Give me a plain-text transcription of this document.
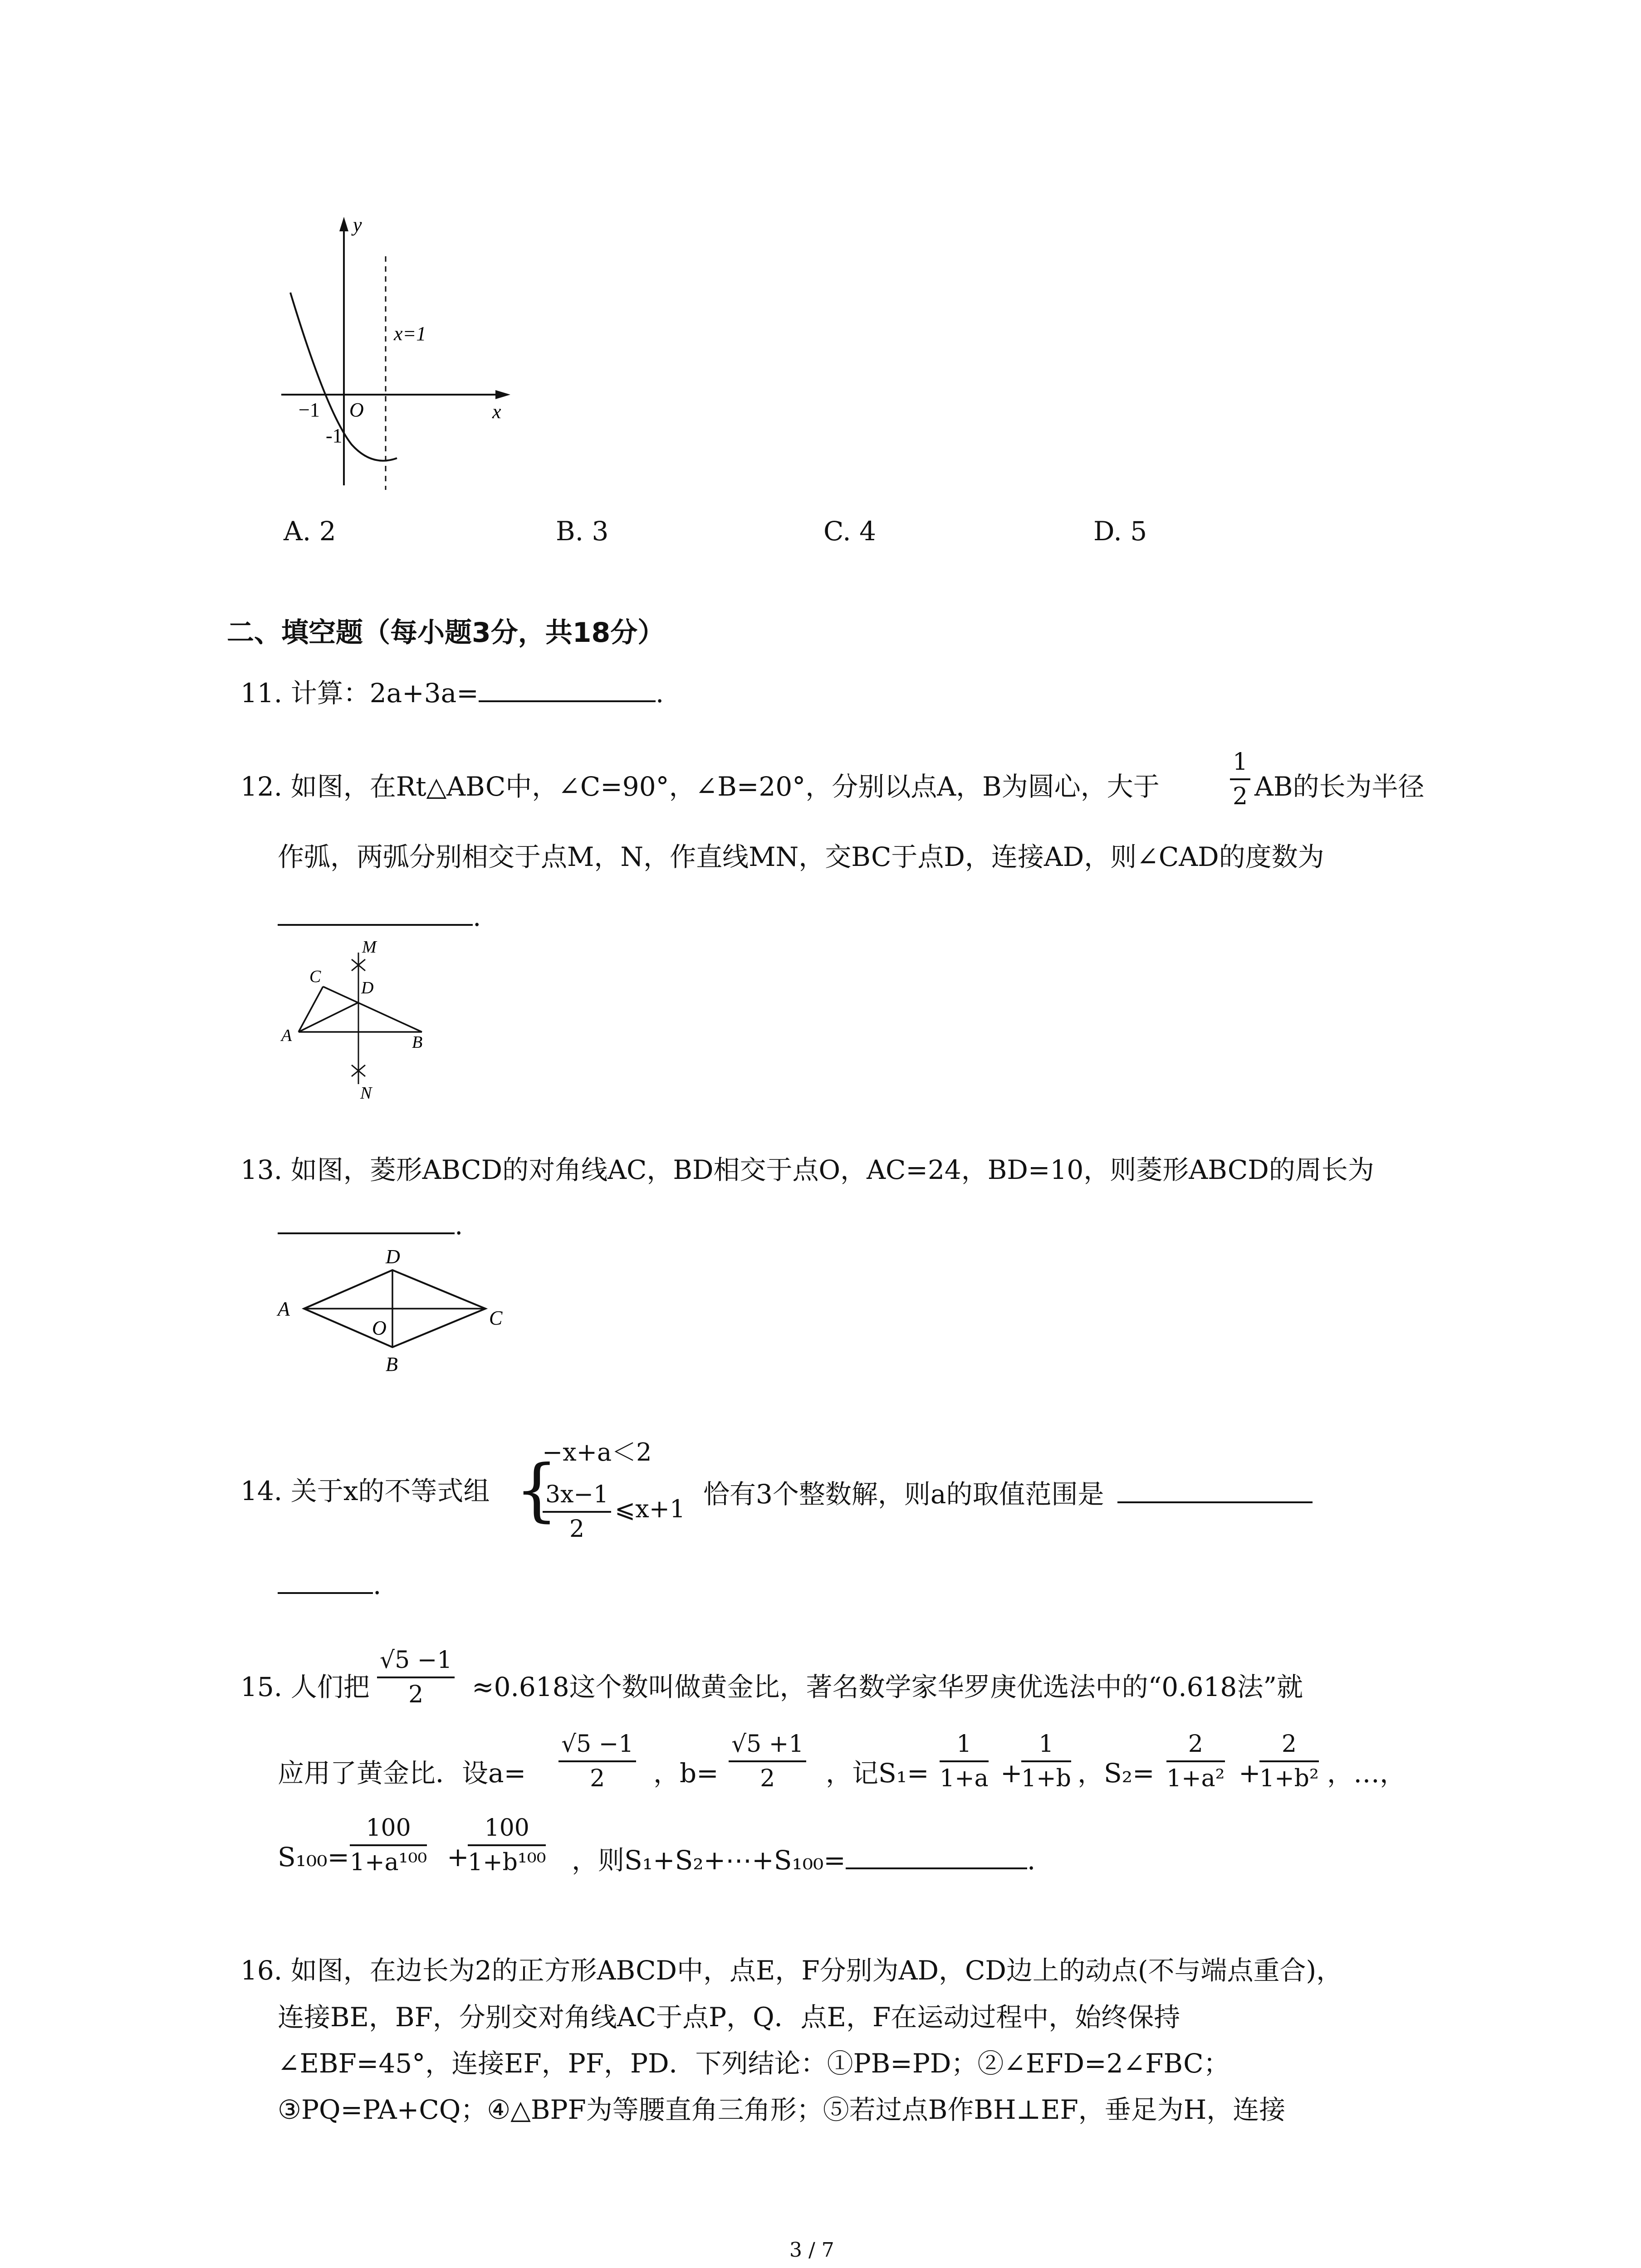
y
x
O
x=1
−1
-1
A. 2	B. 3	C. 4	D. 5
二、填空题（每小题3分，共18分）
11. 计算：2a+3a=	.
12. 如图，在Rt△ABC中，∠C=90°，∠B=20°，分别以点A，B为圆心，大于	$\frac{1}{2}$ AB的长为半径
作弧，两弧分别相交于点M，N，作直线MN，交BC于点D，连接AD，则∠CAD的度数为
.
M
C
D
A	B
N
13. 如图，菱形ABCD的对角线AC，BD相交于点O，AC=24，BD=10，则菱形ABCD的周长为
.
D
A
O	C
B
14. 关于x的不等式组 {
−x+a＜2
$\frac{3x-1}{2}$ ⩽x+1 恰有3个整数解，则a的取值范围是
.
15. 人们把 $\frac{√5 -1}{2} \approx 0.618$这个数叫做黄金比，著名数学家华罗庚优选法中的“0.618法”就
应用了黄金比．设$a= \frac{√5 -1}{2}$ ，$b= \frac{√5 +1}{2}$ ，记$S_1= \frac{1}{1+a}$ +
$\frac{1}{1+b}$ ，$S_2= \frac{2}{\text{1+a²}}$ +
$\frac{2}{\text{1+b²}}$ ，…，
$S_{100}= \frac{100}{\text{1+a¹⁰⁰}}$ +
$\frac{100}{\text{1+b¹⁰⁰}}$ ，则S₁+S₂+⋯+S₁₀₀=	.
16. 如图，在边长为2的正方形ABCD中，点E，F分别为AD，CD边上的动点(不与端点重合)，
连接BE，BF，分别交对角线AC于点P，Q．点E，F在运动过程中，始终保持
∠EBF=45°，连接EF，PF，PD．下列结论：①PB=PD；②∠EFD=2∠FBC；
③PQ=PA+CQ；④△BPF为等腰直角三角形；⑤若过点B作BH⊥EF，垂足为H，连接
3 / 7
